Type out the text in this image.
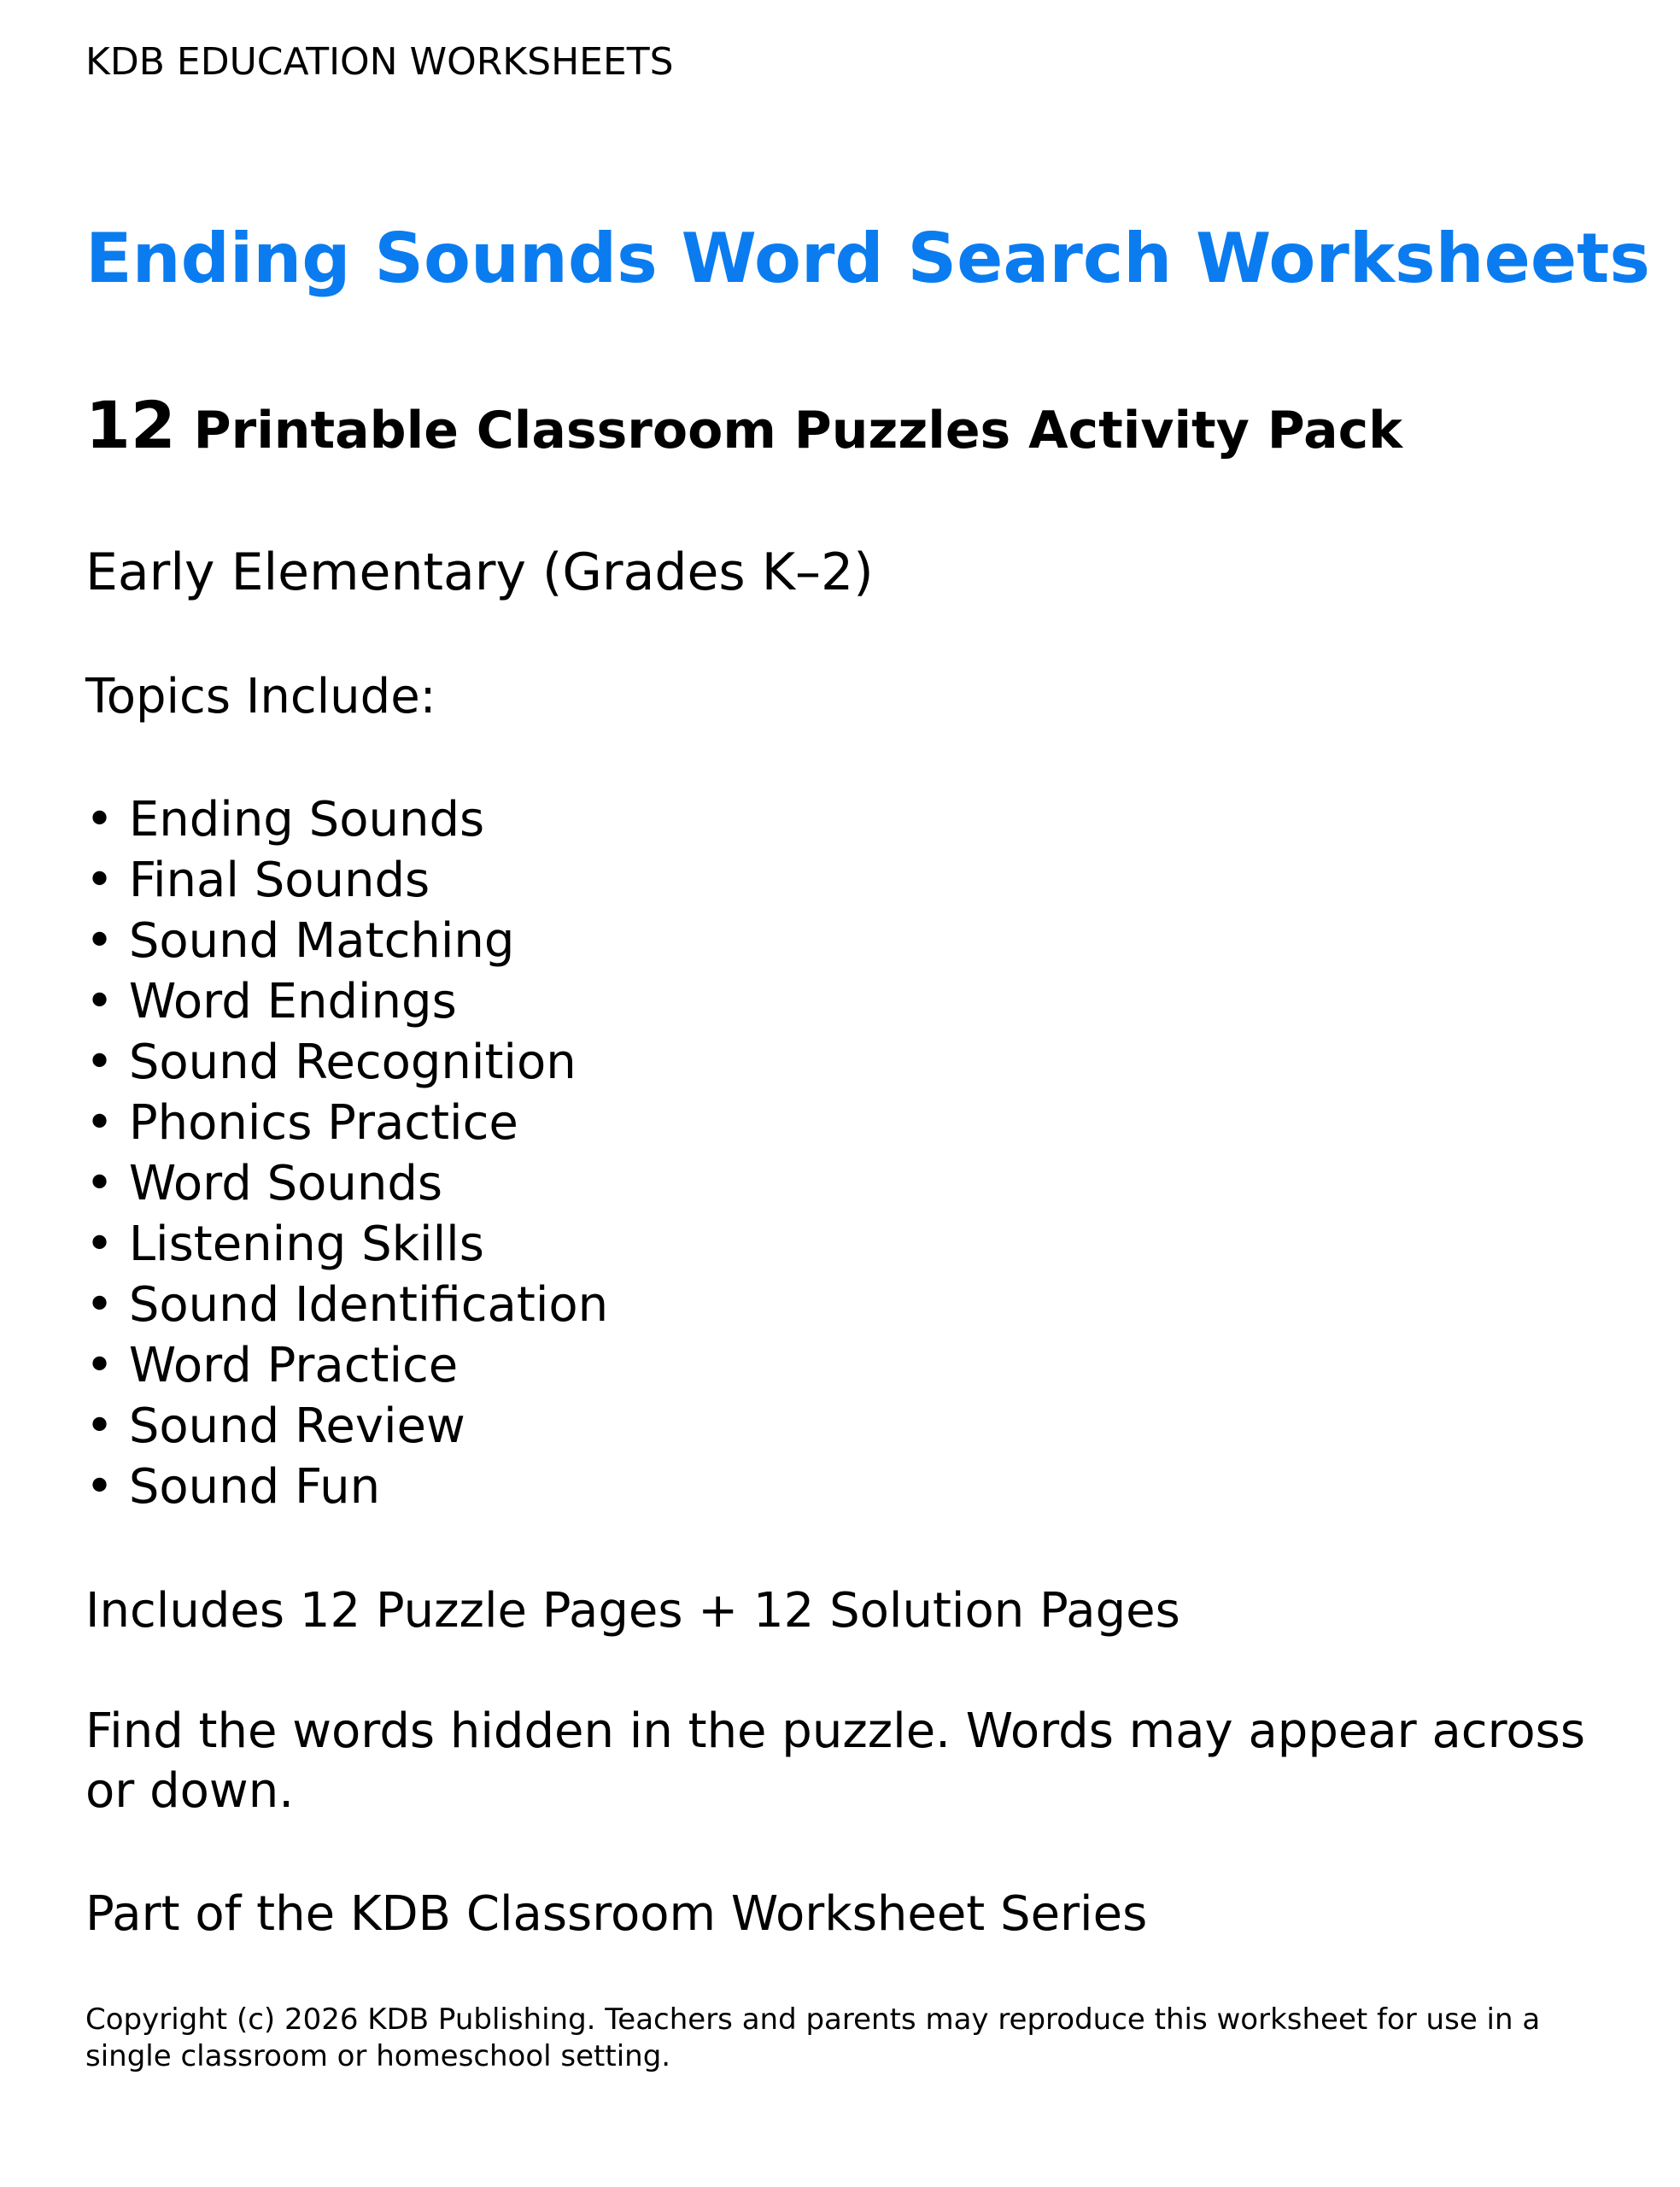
KDB EDUCATION WORKSHEETS

Ending Sounds Word Search Worksheets
12 Printable Classroom Puzzles Activity Pack

Early Elementary (Grades K–2)

Topics Include:

• Ending Sounds
• Final Sounds
• Sound Matching
• Word Endings
• Sound Recognition
• Phonics Practice
• Word Sounds
• Listening Skills
• Sound Identification
• Word Practice
• Sound Review
• Sound Fun

Includes 12 Puzzle Pages + 12 Solution Pages

Find the words hidden in the puzzle. Words may appear across or down.

Part of the KDB Classroom Worksheet Series

Copyright (c) 2026 KDB Publishing. Teachers and parents may reproduce this worksheet for use in a single classroom or homeschool setting.
